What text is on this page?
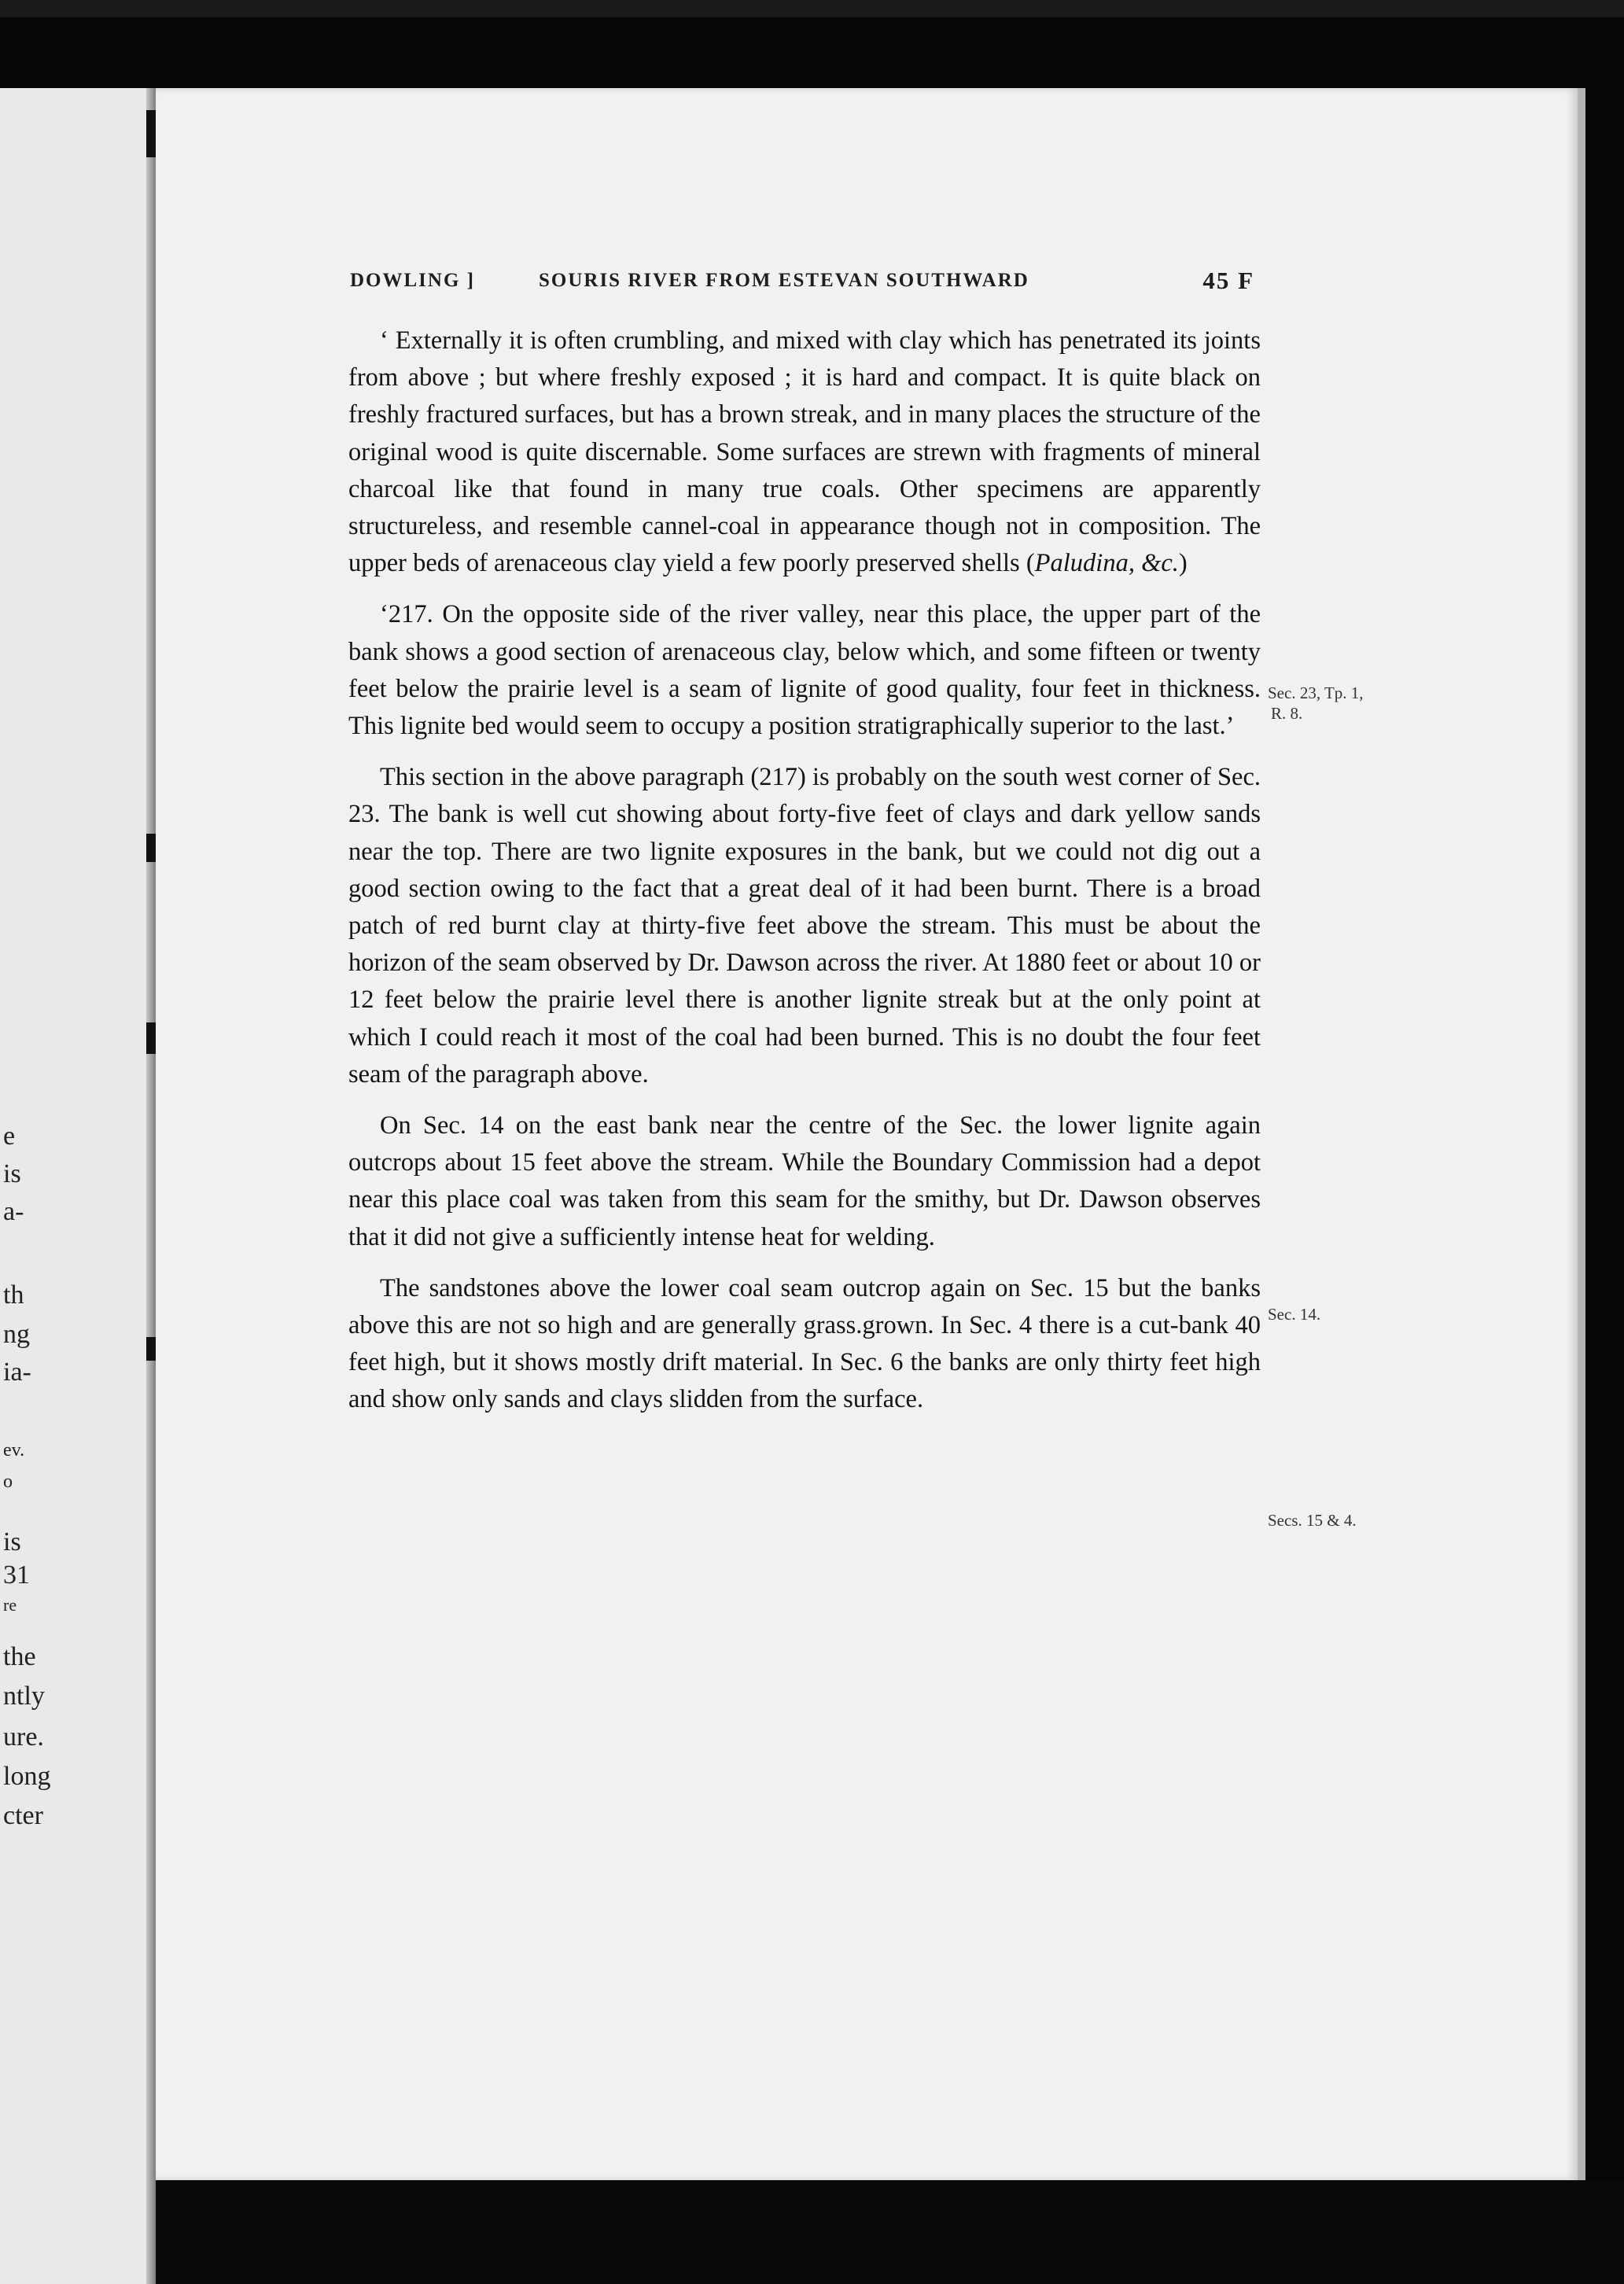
e
is
a-
th
ng
ia-
ev.
o
is
31
re
the
ntly
ure.
long
cter
DOWLING ]	SOURIS RIVER FROM ESTEVAN SOUTHWARD	45 F

‘ Externally it is often crumbling, and mixed with clay which has penetrated its joints from above ; but where freshly exposed ; it is hard and compact. It is quite black on freshly fractured surfaces, but has a brown streak, and in many places the structure of the original wood is quite discernable. Some surfaces are strewn with fragments of mineral charcoal like that found in many true coals. Other specimens are apparently structureless, and resemble cannel-coal in appearance though not in composition. The upper beds of arenaceous clay yield a few poorly preserved shells (Paludina, &c.)

‘217. On the opposite side of the river valley, near this place, the upper part of the bank shows a good section of arenaceous clay, below which, and some fifteen or twenty feet below the prairie level is a seam of lignite of good quality, four feet in thickness. This lignite bed would seem to occupy a position stratigraphically superior to the last.’

This section in the above paragraph (217) is probably on the south west corner of Sec. 23. The bank is well cut showing about forty-five feet of clays and dark yellow sands near the top. There are two lignite exposures in the bank, but we could not dig out a good section owing to the fact that a great deal of it had been burnt. There is a broad patch of red burnt clay at thirty-five feet above the stream. This must be about the horizon of the seam observed by Dr. Dawson across the river. At 1880 feet or about 10 or 12 feet below the prairie level there is another lignite streak but at the only point at which I could reach it most of the coal had been burned. This is no doubt the four feet seam of the paragraph above.

On Sec. 14 on the east bank near the centre of the Sec. the lower lignite again outcrops about 15 feet above the stream. While the Boundary Commission had a depot near this place coal was taken from this seam for the smithy, but Dr. Dawson observes that it did not give a sufficiently intense heat for welding.

The sandstones above the lower coal seam outcrop again on Sec. 15 but the banks above this are not so high and are generally grass.grown. In Sec. 4 there is a cut-bank 40 feet high, but it shows mostly drift material. In Sec. 6 the banks are only thirty feet high and show only sands and clays slidden from the surface.

Sec. 23, Tp. 1,
R. 8.
Sec. 14.
Secs. 15 & 4.
